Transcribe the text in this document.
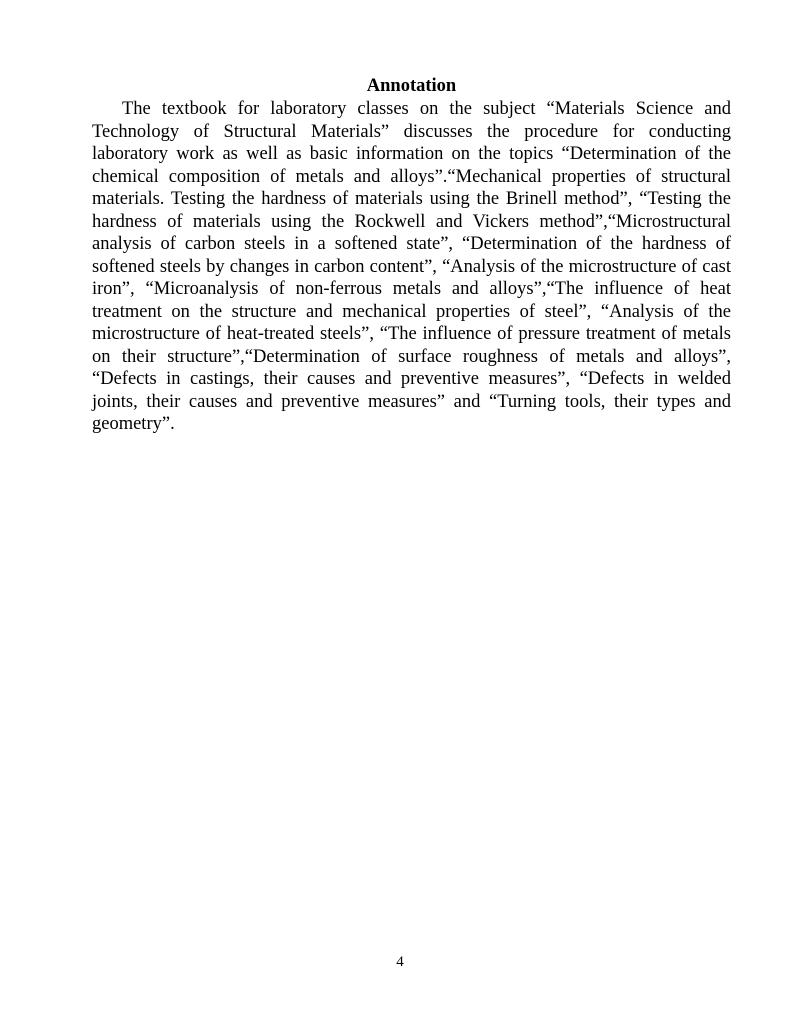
Annotation

The textbook for laboratory classes on the subject “Materials Science and Technology of Structural Materials” discusses the procedure for conducting laboratory work as well as basic information on the topics “Determination of the chemical composition of metals and alloys”.“Mechanical properties of structural materials. Testing the hardness of materials using the Brinell method”, “Testing the hardness of materials using the Rockwell and Vickers method”,“Microstructural analysis of carbon steels in a softened state”, “Determination of the hardness of softened steels by changes in carbon content”, “Analysis of the microstructure of cast iron”, “Microanalysis of non-ferrous metals and alloys”,“The influence of heat treatment on the structure and mechanical properties of steel”, “Analysis of the microstructure of heat-treated steels”, “The influence of pressure treatment of metals on their structure”,“Determination of surface roughness of metals and alloys”, “Defects in castings, their causes and preventive measures”, “Defects in welded joints, their causes and preventive measures” and “Turning tools, their types and geometry”.

4
